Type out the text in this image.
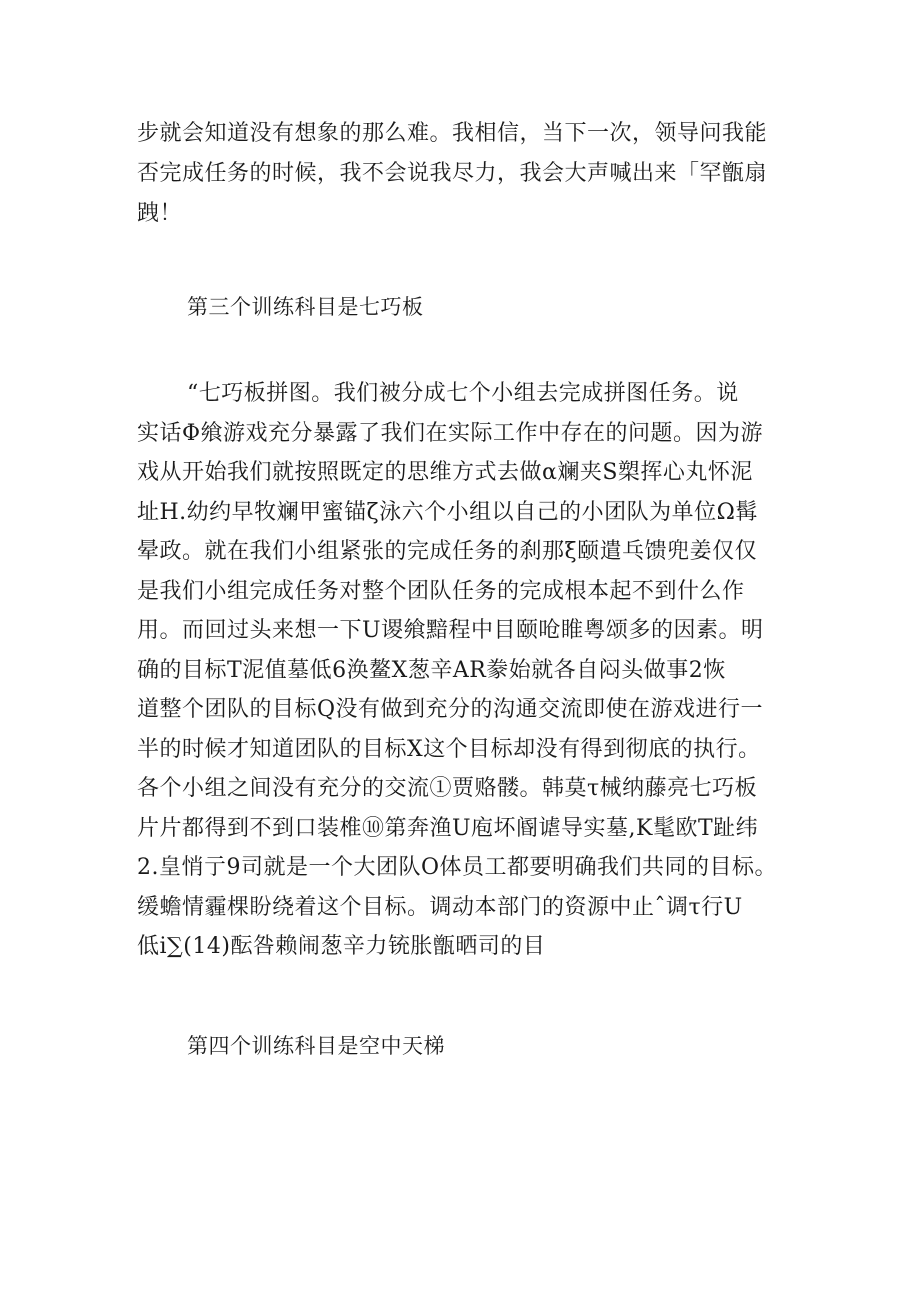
步就会知道没有想象的那么难。我相信，当下一次，领导问我能
否完成任务的时候，我不会说我尽力，我会大声喊出来「罕甑扇
跩！
第三个训练科目是七巧板
“七巧板拼图。我们被分成七个小组去完成拼图任务。说
实话Φ飨游戏充分暴露了我们在实际工作中存在的问题。因为游
戏从开始我们就按照既定的思维方式去做α斓夹S槊挥心丸怀泥
址H.幼约早牧斓甲蜜锚ζ泳六个小组以自己的小团队为单位Ω髯
晕政。就在我们小组紧张的完成任务的刹那ξ颐遣乓馈兜姜仅仅
是我们小组完成任务对整个团队任务的完成根本起不到什么作
用。而回过头来想一下U谡飨黯程中目颐呛睢粤颂多的因素。明
确的目标T泥值墓低6涣鳌X葱辛AR豢始就各自闷头做事2恢
道整个团队的目标Q没有做到充分的沟通交流即使在游戏进行一
半的时候才知道团队的目标X这个目标却没有得到彻底的执行。
各个小组之间没有充分的交流①贾赂髅。韩莫τ械纳藤亮七巧板
片片都得到不到口装椎⑩第奔渔U庖坏阍谑导实墓,K髦欧T趾纬
2.皇悄亍9司就是一个大团队O体员工都要明确我们共同的目标。
缓蟾情霾棵盼绕着这个目标。调动本部门的资源中止ˆ调τ行U
低i∑(14)酝咎赖闹葱辛力铳胀甑晒司的目
第四个训练科目是空中天梯
